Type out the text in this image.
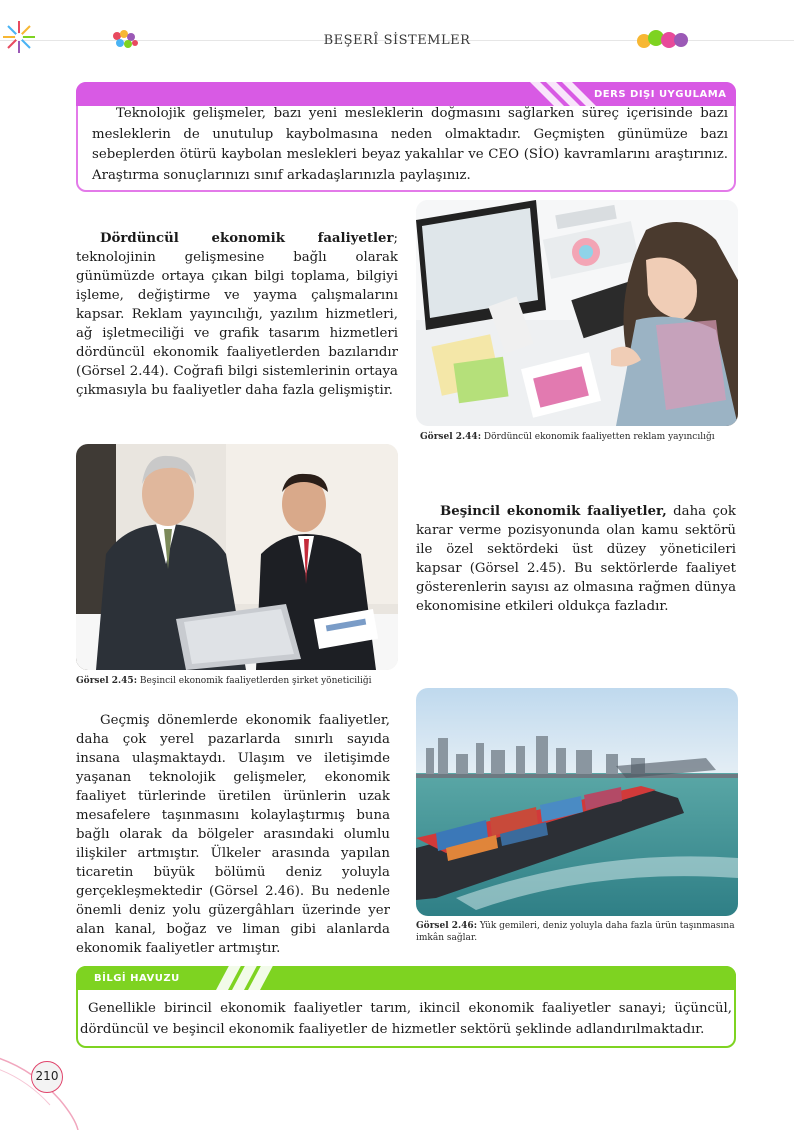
BEŞERÎ SİSTEMLER
DERS DIŞI UYGULAMA
Teknolojik gelişmeler, bazı yeni mesleklerin doğmasını sağlarken süreç içerisinde bazı mesleklerin de unutulup kaybolmasına neden olmaktadır. Geçmişten günümüze bazı sebeplerden ötürü kaybolan meslekleri beyaz yakalılar ve CEO (SİO) kavramlarını araştırınız. Araştırma sonuçlarınızı sınıf arkadaşlarınızla paylaşınız.
Dördüncül ekonomik faaliyetler; teknolojinin gelişmesine bağlı olarak günümüzde ortaya çıkan bilgi toplama, bilgiyi işleme, değiştirme ve yayma çalışmalarını kapsar. Reklam yayıncılığı, yazılım hizmetleri, ağ işletmeciliği ve grafik tasarım hizmetleri dördüncül ekonomik faaliyetlerden bazılarıdır (Görsel 2.44). Coğrafi bilgi sistemlerinin ortaya çıkmasıyla bu faaliyetler daha fazla gelişmiştir.
Görsel 2.44: Dördüncül ekonomik faaliyetten reklam yayıncılığı
Görsel 2.45: Beşincil ekonomik faaliyetlerden şirket yöneticiliği
Beşincil ekonomik faaliyetler, daha çok karar verme pozisyonunda olan kamu sektörü ile özel sektördeki üst düzey yöneticileri kapsar (Görsel 2.45). Bu sektörlerde faaliyet gösterenlerin sayısı az olmasına rağmen dünya ekonomisine etkileri oldukça fazladır.
Geçmiş dönemlerde ekonomik faaliyetler, daha çok yerel pazarlarda sınırlı sayıda insana ulaşmaktaydı. Ulaşım ve iletişimde yaşanan teknolojik gelişmeler, ekonomik faaliyet türlerinde üretilen ürünlerin uzak mesafelere taşınmasını kolaylaştırmış buna bağlı olarak da bölgeler arasındaki olumlu ilişkiler artmıştır. Ülkeler arasında yapılan ticaretin büyük bölümü deniz yoluyla gerçekleşmektedir (Görsel 2.46). Bu nedenle önemli deniz yolu güzergâhları üzerinde yer alan kanal, boğaz ve liman gibi alanlarda ekonomik faaliyetler artmıştır.
Görsel 2.46: Yük gemileri, deniz yoluyla daha fazla ürün taşınmasına imkân sağlar.
BİLGİ HAVUZU
Genellikle birincil ekonomik faaliyetler tarım, ikincil ekonomik faaliyetler sanayi; üçüncül, dördüncül ve beşincil ekonomik faaliyetler de hizmetler sektörü şeklinde adlandırılmaktadır.
210
